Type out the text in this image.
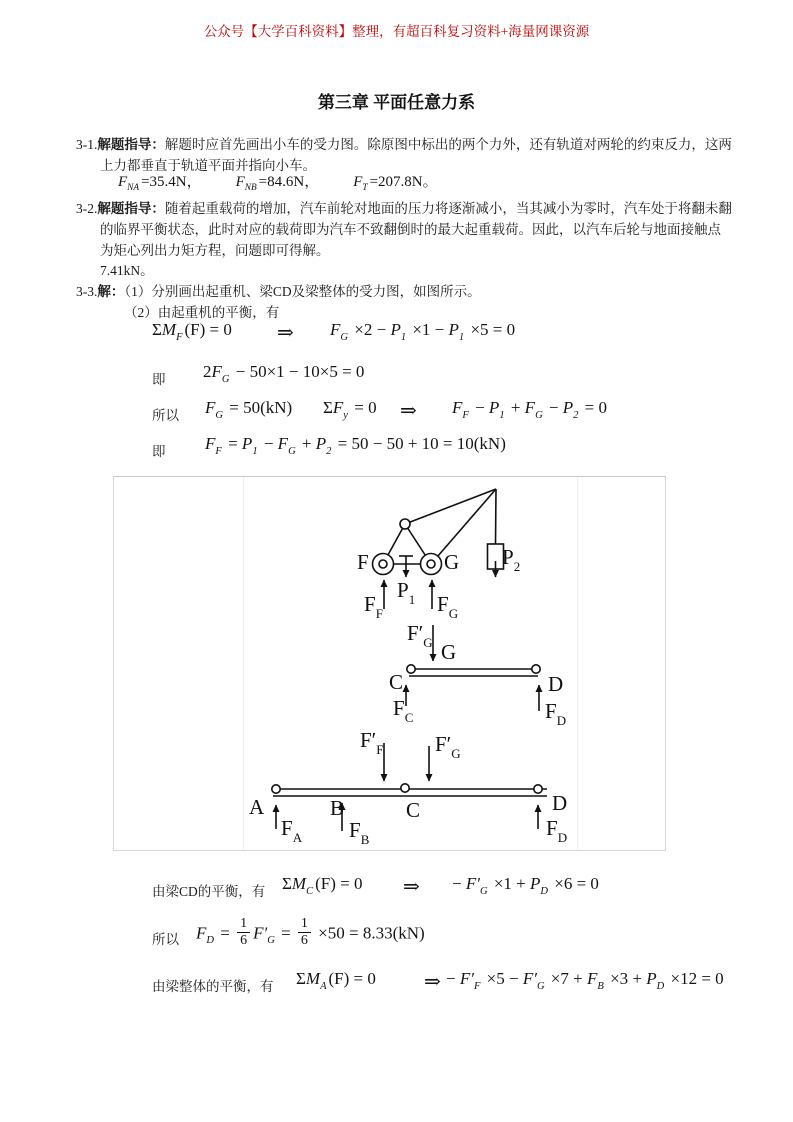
公众号【大学百科资料】整理，有超百科复习资料+海量网课资源
第三章 平面任意力系
3-1.解题指导：解题时应首先画出小车的受力图。除原图中标出的两个力外，还有轨道对两轮的约束反力，这两
上力都垂直于轨道平面并指向小车。
$F_{NA} =35.4N$， $F_{NB} =84.6N$， $F_T =207.8N$。
3-2.解题指导：随着起重载荷的增加，汽车前轮对地面的压力将逐渐减小，当其减小为零时，汽车处于将翻未翻
的临界平衡状态，此时对应的载荷即为汽车不致翻倒时的最大起重载荷。因此，以汽车后轮与地面接触点
为矩心列出力矩方程，问题即可得解。
7.41kN。
3-3.解：（1）分别画出起重机、梁CD及梁整体的受力图，如图所示。
（2）由起重机的平衡，有
$\Sigma M_F$ (F) = 0 ⇒ $F_G \times 2 - P_1 \times 1 - P_1 \times 5 = 0$
即 $2F_G - 50\times 1 - 10\times 5 = 0$
所以 $F_G = 50(kN) \Sigma F_y = 0$ ⇒ $F_F - P_1 + F_G - P_2 = 0$
即 $F_F = P_1 - F_G + P_2 = 50 - 50 + 10 = 10(kN)$
F	G
$P_1$
$P_2$
$F_F$	$F_G$
$F'_G$ G
C	D
$F_C$	$F_D$
$F'_F$ $F'_G$
A	B	C	D
$F_A$ $F_B$	$F_D$
由梁CD的平衡，有 $\Sigma M_C$ (F) = 0 ⇒ − $F'_G \times 1 + P_D \times 6 = 0$
所以 $F_D = \frac{1}{6} F'_G = \frac{1}{6} \times 50 = 8.33(kN)$
由梁整体的平衡，有 $\Sigma M_A$ (F) = 0 ⇒ − $F'_F \times 5 - F'_G \times 7 + F_B \times 3 + P_D \times 12 = 0$
